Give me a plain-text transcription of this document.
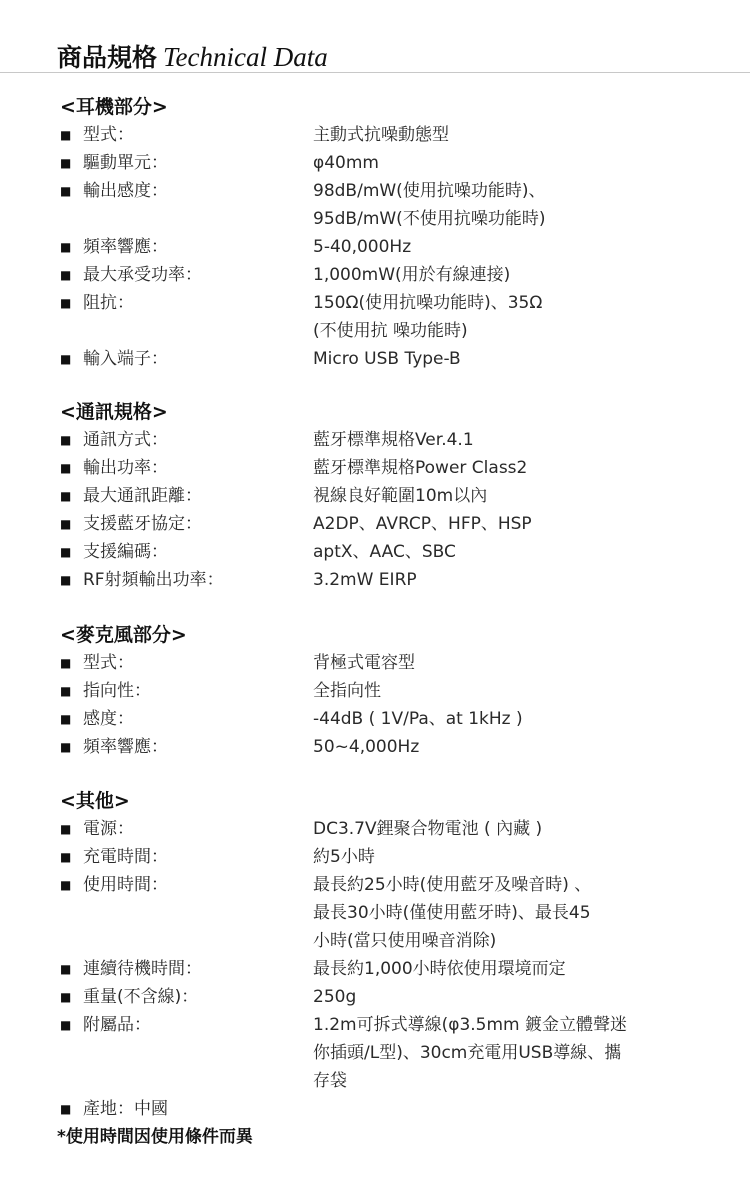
商品規格 Technical Data
<耳機部分>
■ 型式：	主動式抗噪動態型
■ 驅動單元：	φ40mm
■ 輸出感度：	98dB/mW(使用抗噪功能時)、
95dB/mW(不使用抗噪功能時)
■ 頻率響應：	5-40,000Hz
■ 最大承受功率：	1,000mW(用於有線連接)
■ 阻抗：	150Ω(使用抗噪功能時)、35Ω
(不使用抗 噪功能時)
■ 輸入端子：	Micro USB Type-B
<通訊規格>
■ 通訊方式：	藍牙標準規格Ver.4.1
■ 輸出功率：	藍牙標準規格Power Class2
■ 最大通訊距離：	視線良好範圍10m以內
■ 支援藍牙協定：	A2DP、AVRCP、HFP、HSP
■ 支援編碼：	aptX、AAC、SBC
■ RF射頻輸出功率：	3.2mW EIRP
<麥克風部分>
■ 型式：	背極式電容型
■ 指向性：	全指向性
■ 感度：	-44dB ( 1V/Pa、at 1kHz )
■ 頻率響應：	50~4,000Hz
<其他>
■ 電源：	DC3.7V鋰聚合物電池 ( 內藏 )
■ 充電時間：	約5小時
■ 使用時間：	最長約25小時(使用藍牙及噪音時) 、
最長30小時(僅使用藍牙時)、最長45
小時(當只使用噪音消除)
■ 連續待機時間：	最長約1,000小時依使用環境而定
■ 重量(不含線)：	250g
■ 附屬品：	1.2m可拆式導線(φ3.5mm 鍍金立體聲迷
你插頭/L型)、30cm充電用USB導線、攜
存袋
■ 產地：中國
*使用時間因使用條件而異
